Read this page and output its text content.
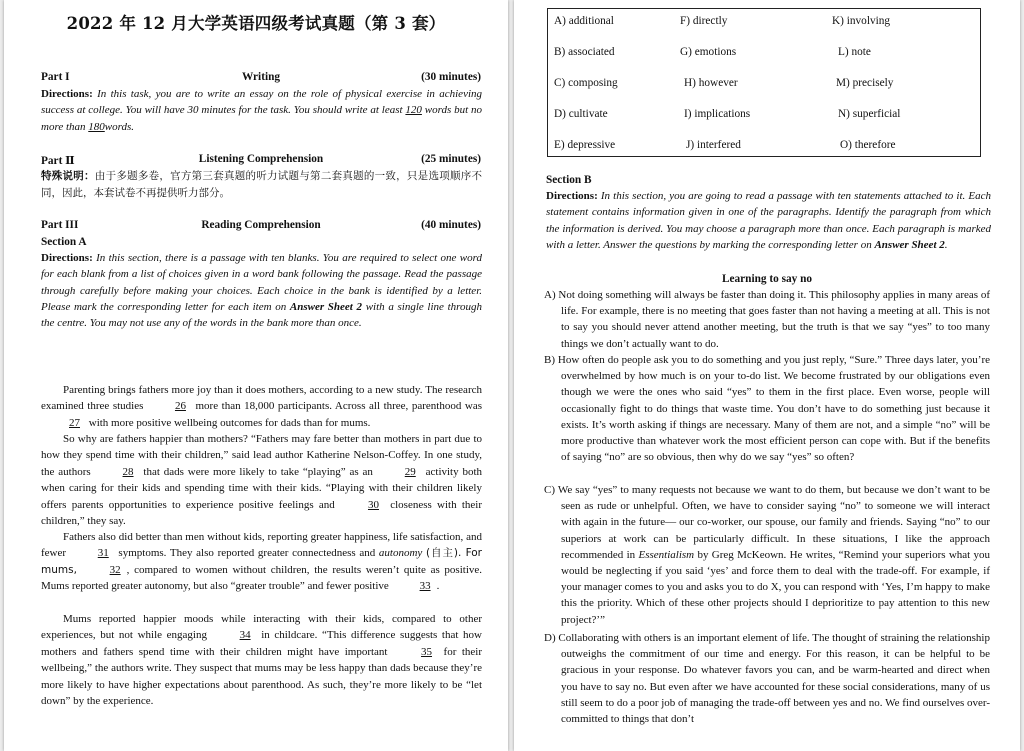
2022 年 12 月大学英语四级考试真题（第 3 套）
Part I	Writing	(30 minutes)
Directions: In this task, you are to write an essay on the role of physical exercise in achieving success at college. You will have 30 minutes for the task. You should write at least 120 words but no more than 180words.
Part Ⅱ	Listening Comprehension	(25 minutes)
特殊说明：由于多题多卷，官方第三套真题的听力试题与第二套真题的一致，只是选项顺序不同，因此，本套试卷不再提供听力部分。
Part III	Reading Comprehension	(40 minutes)
Section A
Directions: In this section, there is a passage with ten blanks. You are required to select one word for each blank from a list of choices given in a word bank following the passage. Read the passage through carefully before making your choices. Each choice in the bank is identified by a letter. Please mark the corresponding letter for each item on Answer Sheet 2 with a single line through the centre. You may not use any of the words in the bank more than once.
Parenting brings fathers more joy than it does mothers, according to a new study. The research examined three studies	26 more than 18,000 participants. Across all three, parenthood was 27 with more positive wellbeing outcomes for dads than for mums.
So why are fathers happier than mothers? “Fathers may fare better than mothers in part due to how they spend time with their children,” said lead author Katherine Nelson-Coffey. In one study, the authors	28 that dads were more likely to take “playing” as an	29 activity both when caring for their kids and spending time with their kids. “Playing with their children likely offers parents opportunities to experience positive feelings and	30 closeness with their children,” they say.
Fathers also did better than men without kids, reporting greater happiness, life satisfaction, and fewer	31 symptoms. They also reported greater connectedness and autonomy (自主). For mums,	32 , compared to women without children, the results weren’t quite as positive. Mums reported greater autonomy, but also “greater trouble” and fewer positive	33 .
Mums reported happier moods while interacting with their kids, compared to other experiences, but not while engaging	34 in childcare. “This difference suggests that how mothers and fathers spend time with their children might have important	35 for their wellbeing,” the authors write. They suspect that mums may be less happy than dads because they’re more likely to have higher expectations about parenthood. As such, they’re more likely to be “let down” by the experience.
A) additional	F) directly	K) involving
B) associated	G) emotions	L) note
C) composing	H) however	M) precisely
D) cultivate	I) implications	N) superficial
E) depressive	J) interfered	O) therefore
Section B
Directions: In this section, you are going to read a passage with ten statements attached to it. Each statement contains information given in one of the paragraphs. Identify the paragraph from which the information is derived. You may choose a paragraph more than once. Each paragraph is marked with a letter. Answer the questions by marking the corresponding letter on Answer Sheet 2.
Learning to say no
A) Not doing something will always be faster than doing it. This philosophy applies in many areas of life. For example, there is no meeting that goes faster than not having a meeting at all. This is not to say you should never attend another meeting, but the truth is that we say “yes” to too many things we don’t actually want to do.
B) How often do people ask you to do something and you just reply, “Sure.” Three days later, you’re overwhelmed by how much is on your to-do list. We become frustrated by our obligations even though we were the ones who said “yes” to them in the first place. Even worse, people will occasionally fight to do things that waste time. You don’t have to do something just because it exists. It’s worth asking if things are necessary. Many of them are not, and a simple “no” will be more productive than whatever work the most efficient person can cope with. But if the benefits of saying “no” are so obvious, then why do we say “yes” so often?
C) We say “yes” to many requests not because we want to do them, but because we don’t want to be seen as rude or unhelpful. Often, we have to consider saying “no” to someone we will interact with again in the future— our co-worker, our spouse, our family and friends. Saying “no” to our superiors at work can be particularly difficult. In these situations, I like the approach recommended in Essentialism by Greg McKeown. He writes, “Remind your superiors what you would be neglecting if you said ‘yes’ and force them to deal with the trade-off. For example, if your manager comes to you and asks you to do X, you can respond with ‘Yes, I’m happy to make this the priority. Which of these other projects should I deprioritize to pay attention to this new project?’”
D) Collaborating with others is an important element of life. The thought of straining the relationship outweighs the commitment of our time and energy. For this reason, it can be helpful to be gracious in your response. Do whatever favors you can, and be warm-hearted and direct when you have to say no. But even after we have accounted for these social considerations, many of us still seem to do a poor job of managing the trade-off between yes and no. We find ourselves over-committed to things that don’t
